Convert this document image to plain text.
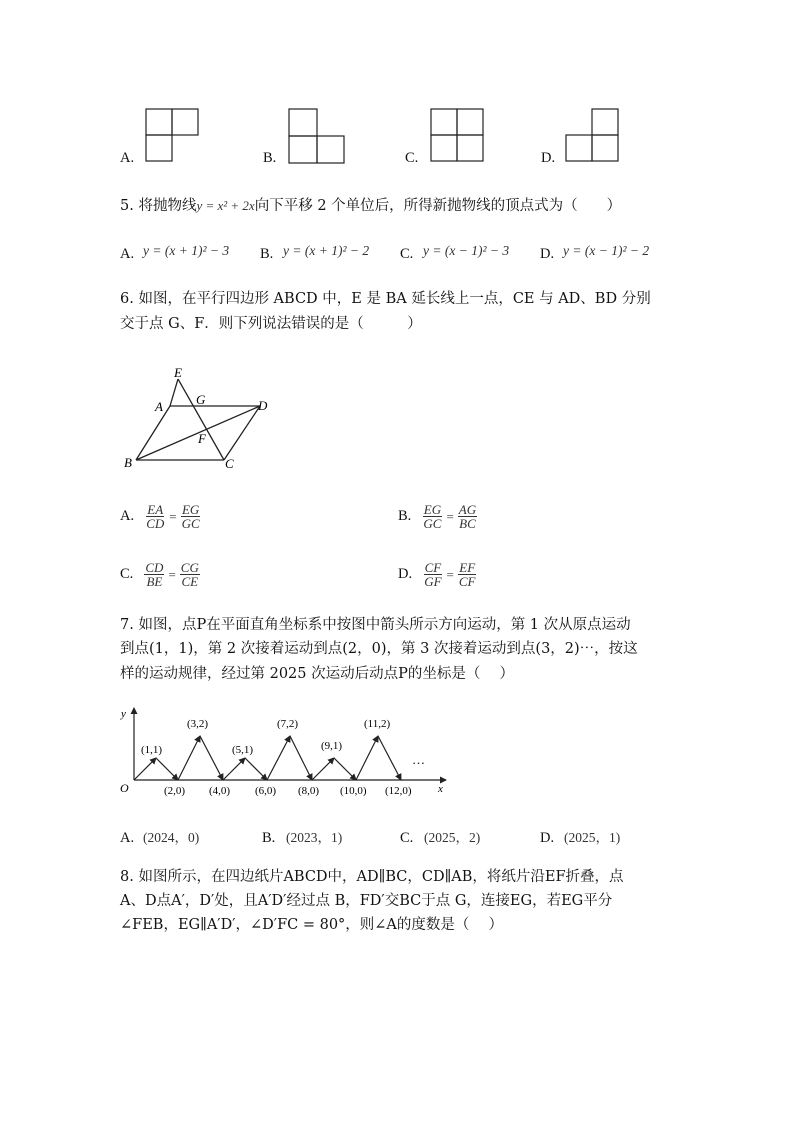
A.	B.	C.	D.
5. 将抛物线y = x² + 2x向下平移 2 个单位后，所得新抛物线的顶点式为（　　）
A. y = (x + 1)² − 3 B. y = (x + 1)² − 2 C. y = (x − 1)² − 3 D. y = (x − 1)² − 2
6. 如图，在平行四边形 ABCD 中，E 是 BA 延长线上一点，CE 与 AD、BD 分别
交于点 G、F．则下列说法错误的是（　　　）
E
A	G	D
F
B	C
A. $\frac{EA}{CD} = \frac{EG}{GC}$	B. $\frac{EG}{GC} = \frac{AG}{BC}$
C. $\frac{CD}{BE} = \frac{CG}{CE}$	D. $\frac{CF}{GF} = \frac{EF}{CF}$
7. 如图，点P在平面直角坐标系中按图中箭头所示方向运动，第 1 次从原点运动
到点(1，1)，第 2 次接着运动到点(2，0)，第 3 次接着运动到点(3，2)⋯，按这
样的运动规律，经过第 2025 次运动后动点P的坐标是（　 ）
y
x
O
(1,1)
(3,2)
(5,1)
(7,2)
(9,1)
(11,2)
(2,0) (4,0) (6,0) (8,0) (10,0) (12,0)
…
A. (2024，0)	B. (2023，1)	C. (2025，2)	D. (2025，1)
8. 如图所示，在四边纸片ABCD中，AD∥BC，CD∥AB，将纸片沿EF折叠，点
A、D点A′，D′处，且A′D′经过点 B，FD′交BC于点 G，连接EG，若EG平分
∠FEB，EG∥A′D′，∠D′FC = 80°，则∠A的度数是（　 ）
